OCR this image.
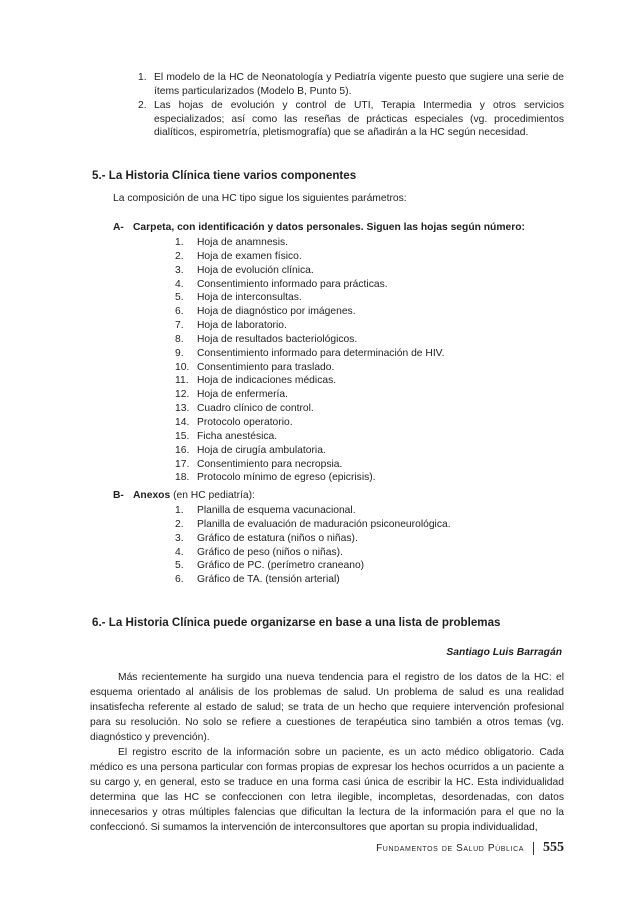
1. El modelo de la HC de Neonatología y Pediatría vigente puesto que sugiere una serie de ítems particularizados (Modelo B, Punto 5).
2. Las hojas de evolución y control de UTI, Terapia Intermedia y otros servicios especializados; así como las reseñas de prácticas especiales (vg. procedimientos dialíticos, espirometría, pletismografía) que se añadirán a la HC según necesidad.
5.- La Historia Clínica tiene varios componentes
La composición de una HC tipo sigue los siguientes parámetros:
A- Carpeta, con identificación y datos personales. Siguen las hojas según número:
1.	Hoja de anamnesis.
2.	Hoja de examen físico.
3.	Hoja de evolución clínica.
4.	Consentimiento informado para prácticas.
5.	Hoja de interconsultas.
6.	Hoja de diagnóstico por imágenes.
7.	Hoja de laboratorio.
8.	Hoja de resultados bacteriológicos.
9.	Consentimiento informado para determinación de HIV.
10. Consentimiento para traslado.
11. Hoja de indicaciones médicas.
12. Hoja de enfermería.
13. Cuadro clínico de control.
14. Protocolo operatorio.
15. Ficha anestésica.
16. Hoja de cirugía ambulatoria.
17. Consentimiento para necropsia.
18. Protocolo mínimo de egreso (epicrisis).
B- Anexos (en HC pediatría):
1.	Planilla de esquema vacunacional.
2.	Planilla de evaluación de maduración psiconeurológica.
3.	Gráfico de estatura (niños o niñas).
4.	Gráfico de peso (niños o niñas).
5.	Gráfico de PC. (perímetro craneano)
6.	Gráfico de TA. (tensión arterial)
6.- La Historia Clínica puede organizarse en base a una lista de problemas
Santiago Luis Barragán

Más recientemente ha surgido una nueva tendencia para el registro de los datos de la HC: el esquema orientado al análisis de los problemas de salud. Un problema de salud es una realidad insatisfecha referente al estado de salud; se trata de un hecho que requiere intervención profesional para su resolución. No solo se refiere a cuestiones de terapéutica sino también a otros temas (vg. diagnóstico y prevención).

El registro escrito de la información sobre un paciente, es un acto médico obligatorio. Cada médico es una persona particular con formas propias de expresar los hechos ocurridos a un paciente a su cargo y, en general, esto se traduce en una forma casi única de escribir la HC. Esta individualidad determina que las HC se confeccionen con letra ilegible, incompletas, desordenadas, con datos innecesarios y otras múltiples falencias que dificultan la lectura de la información para el que no la confeccionó. Si sumamos la intervención de interconsultores que aportan su propia individualidad,

Fundamentos de Salud Pública 555
